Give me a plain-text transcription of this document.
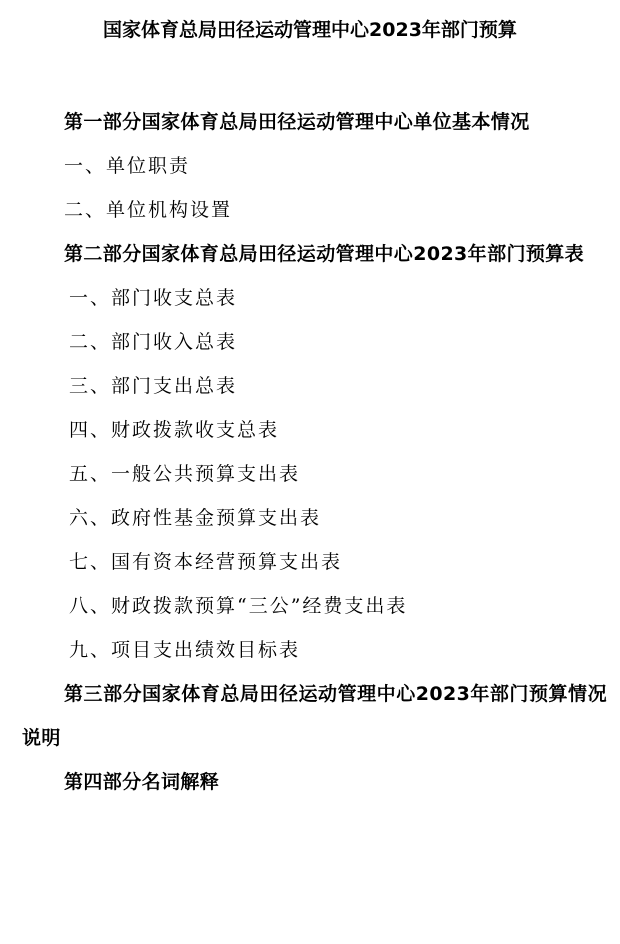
国家体育总局田径运动管理中心2023年部门预算
第一部分国家体育总局田径运动管理中心单位基本情况
一、单位职责
二、单位机构设置
第二部分国家体育总局田径运动管理中心2023年部门预算表
一、部门收支总表
二、部门收入总表
三、部门支出总表
四、财政拨款收支总表
五、一般公共预算支出表
六、政府性基金预算支出表
七、国有资本经营预算支出表
八、财政拨款预算“三公”经费支出表
九、项目支出绩效目标表
第三部分国家体育总局田径运动管理中心2023年部门预算情况说明
第四部分名词解释
